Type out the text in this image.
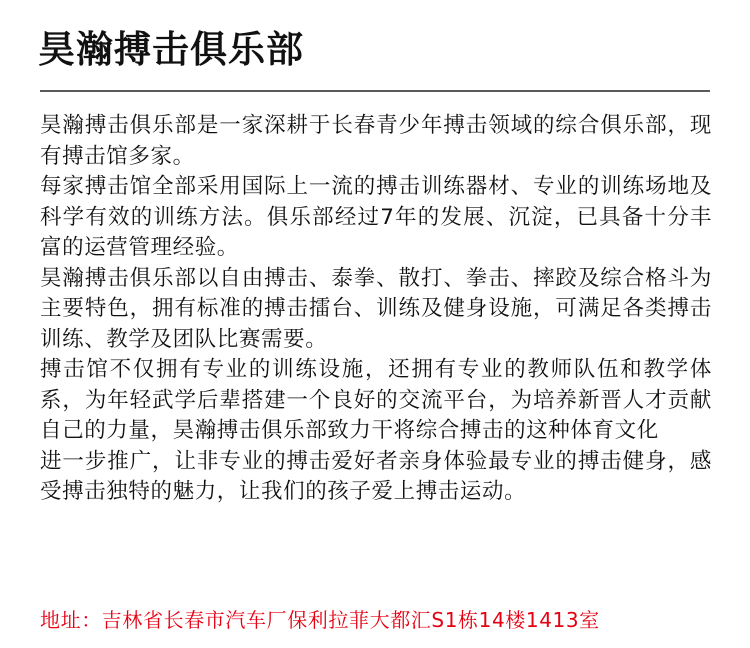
昊瀚搏击俱乐部

昊瀚搏击俱乐部是一家深耕于长春青少年搏击领域的综合俱乐部，现有搏击馆多家。

每家搏击馆全部采用国际上一流的搏击训练器材、专业的训练场地及科学有效的训练方法。俱乐部经过7年的发展、沉淀，已具备十分丰富的运营管理经验。

昊瀚搏击俱乐部以自由搏击、泰拳、散打、拳击、摔跤及综合格斗为主要特色，拥有标准的搏击擂台、训练及健身设施，可满足各类搏击训练、教学及团队比赛需要。

搏击馆不仅拥有专业的训练设施，还拥有专业的教师队伍和教学体系，为年轻武学后辈搭建一个良好的交流平台，为培养新晋人才贡献自己的力量，昊瀚搏击俱乐部致力干将综合搏击的这种体育文化

进一步推广，让非专业的搏击爱好者亲身体验最专业的搏击健身，感受搏击独特的魅力，让我们的孩子爱上搏击运动。

地址：吉林省长春市汽车厂保利拉菲大都汇S1栋14楼1413室
